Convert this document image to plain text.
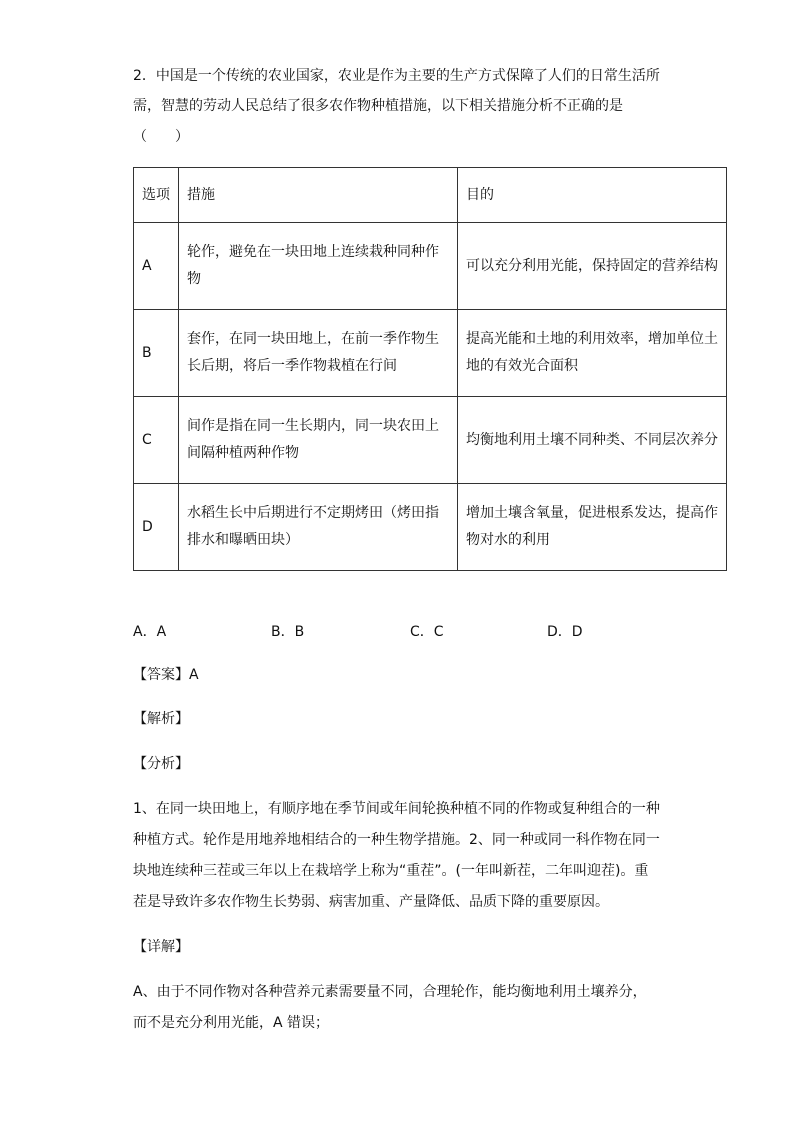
2．中国是一个传统的农业国家，农业是作为主要的生产方式保障了人们的日常生活所
需，智慧的劳动人民总结了很多农作物种植措施，以下相关措施分析不正确的是
（　　）
选项	措施	目的
A	轮作，避免在一块田地上连续栽种同种作物	可以充分利用光能，保持固定的营养结构
B	套作，在同一块田地上，在前一季作物生长后期，将后一季作物栽植在行间	提高光能和土地的利用效率，增加单位土地的有效光合面积
C	间作是指在同一生长期内，同一块农田上间隔种植两种作物	均衡地利用土壤不同种类、不同层次养分
D	水稻生长中后期进行不定期烤田（烤田指排水和曝晒田块）	增加土壤含氧量，促进根系发达，提高作物对水的利用
A．A	B．B	C．C	D．D
【答案】A
【解析】
【分析】
1、在同一块田地上，有顺序地在季节间或年间轮换种植不同的作物或复种组合的一种
种植方式。轮作是用地养地相结合的一种生物学措施。2、同一种或同一科作物在同一
块地连续种三茬或三年以上在栽培学上称为“重茬”。(一年叫新茬，二年叫迎茬)。重
茬是导致许多农作物生长势弱、病害加重、产量降低、品质下降的重要原因。
【详解】
A、由于不同作物对各种营养元素需要量不同，合理轮作，能均衡地利用土壤养分，
而不是充分利用光能，A 错误；
